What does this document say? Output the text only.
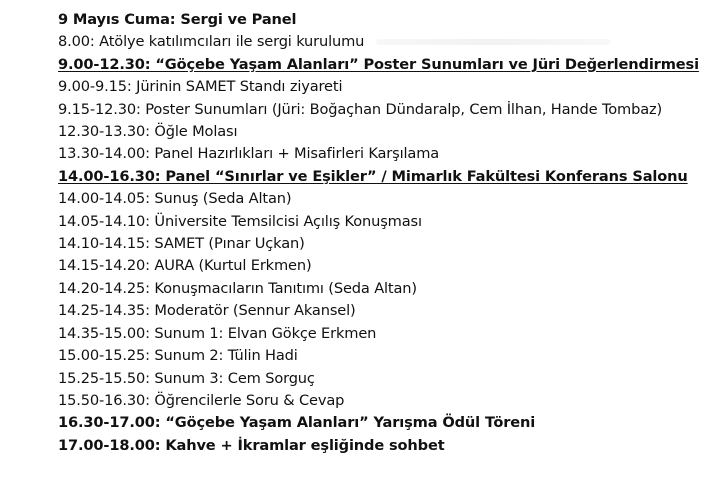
9 Mayıs Cuma: Sergi ve Panel
8.00: Atölye katılımcıları ile sergi kurulumu
9.00-12.30: “Göçebe Yaşam Alanları” Poster Sunumları ve Jüri Değerlendirmesi
9.00-9.15: Jürinin SAMET Standı ziyareti
9.15-12.30: Poster Sunumları (Jüri: Boğaçhan Dündaralp, Cem İlhan, Hande Tombaz)
12.30-13.30: Öğle Molası
13.30-14.00: Panel Hazırlıkları + Misafirleri Karşılama
14.00-16.30: Panel “Sınırlar ve Eşikler” / Mimarlık Fakültesi Konferans Salonu
14.00-14.05: Sunuş (Seda Altan)
14.05-14.10: Üniversite Temsilcisi Açılış Konuşması
14.10-14.15: SAMET (Pınar Uçkan)
14.15-14.20: AURA (Kurtul Erkmen)
14.20-14.25: Konuşmacıların Tanıtımı (Seda Altan)
14.25-14.35: Moderatör (Sennur Akansel)
14.35-15.00: Sunum 1: Elvan Gökçe Erkmen
15.00-15.25: Sunum 2: Tülin Hadi
15.25-15.50: Sunum 3: Cem Sorguç
15.50-16.30: Öğrencilerle Soru & Cevap
16.30-17.00: “Göçebe Yaşam Alanları” Yarışma Ödül Töreni
17.00-18.00: Kahve + İkramlar eşliğinde sohbet
